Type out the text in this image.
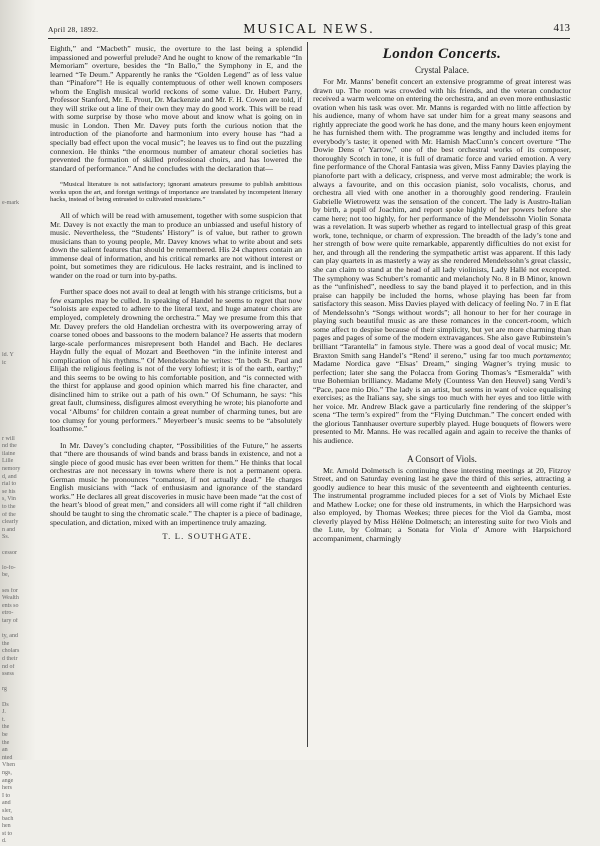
e-mark
ld. Y
ic
r will
nd the
ilaine
Lille
nemory
d, and
rial to
se his
s, Vin
to the
of the
clearly
n and
Ss.
cessor
lo-fo-
be,
ses for
Wealth
ents so
etro-
tary of
ty, and
the
cholars
d their
nd of
ssess
rg
Ds
J.
t.
the
be
the
an
nted
Vhen
ngs,
ange
hers
I to
and
sler,
bach
hen
st to
d.
April 28, 1892.	MUSICAL NEWS.	413

Eighth,” and “Macbeth” music, the overture to the last being a splendid impassioned and powerful prelude? And he ought to know of the remarkable “In Memoriam” overture, besides the “In Ballo,” the Symphony in E, and the learned “Te Deum.” Apparently he ranks the “Golden Legend” as of less value than “Pinafore”! He is equally contemptuous of other well known composers whom the English musical world reckons of some value. Dr. Hubert Parry, Professor Stanford, Mr. E. Prout, Dr. Mackenzie and Mr. F. H. Cowen are told, if they will strike out a line of their own they may do good work. This will be read with some surprise by those who move about and know what is going on in music in London. Then Mr. Davey puts forth the curious notion that the introduction of the pianoforte and harmonium into every house has “had a specially bad effect upon the vocal music”; he leaves us to find out the puzzling connexion. He thinks “the enormous number of amateur choral societies has prevented the formation of skilled professional choirs, and has lowered the standard of performance.” And he concludes with the declaration that—

“Musical literature is not satisfactory; ignorant amateurs presume to publish ambitious works upon the art, and foreign writings of importance are translated by incompetent literary hacks, instead of being entrusted to cultivated musicians.”

All of which will be read with amusement, together with some suspicion that Mr. Davey is not exactly the man to produce an unbiassed and useful history of music. Nevertheless, the “Students’ History” is of value, but rather to grown musicians than to young people, Mr. Davey knows what to write about and sets down the salient features that should be remembered. His 24 chapters contain an immense deal of information, and his critical remarks are not without interest or point, but sometimes they are ridiculous. He lacks restraint, and is inclined to wander on the road or turn into by-paths.

Further space does not avail to deal at length with his strange criticisms, but a few examples may be culled. In speaking of Handel he seems to regret that now “soloists are expected to adhere to the literal text, and huge amateur choirs are employed, completely drowning the orchestra.” May we presume from this that Mr. Davey prefers the old Handelian orchestra with its overpowering array of coarse toned oboes and bassoons to the modern balance? He asserts that modern large-scale performances misrepresent both Handel and Bach. He declares Haydn fully the equal of Mozart and Beethoven “in the infinite interest and complication of his rhythms.” Of Mendelssohn he writes: “In both St. Paul and Elijah the religious feeling is not of the very loftiest; it is of the earth, earthy;” and this seems to be owing to his comfortable position, and “is connected with the thirst for applause and good opinion which marred his fine character, and disinclined him to strike out a path of his own.” Of Schumann, he says: “his great fault, clumsiness, disfigures almost everything he wrote; his pianoforte and vocal ‘Albums’ for children contain a great number of charming tunes, but are too clumsy for young performers.” Meyerbeer’s music seems to be “absolutely loathsome.”

In Mr. Davey’s concluding chapter, “Possibilities of the Future,” he asserts that “there are thousands of wind bands and brass bands in existence, and not a single piece of good music has ever been written for them.” He thinks that local orchestras are not necessary in towns where there is not a permanent opera. German music he pronounces “comatose, if not actually dead.” He charges English musicians with “lack of enthusiasm and ignorance of the standard works.” He declares all great discoveries in music have been made “at the cost of the heart’s blood of great men,” and considers all will come right if “all children should be taught to sing the chromatic scale.” The chapter is a piece of badinage, speculation, and dictation, mixed with an impertinence truly amazing.

T. L. SOUTHGATE.
London Concerts.
Crystal Palace.

For Mr. Manns’ benefit concert an extensive programme of great interest was drawn up. The room was crowded with his friends, and the veteran conductor received a warm welcome on entering the orchestra, and an even more enthusiastic ovation when his task was over. Mr. Manns is regarded with no little affection by his audience, many of whom have sat under him for a great many seasons and rightly appreciate the good work he has done, and the many hours keen enjoyment he has furnished them with. The programme was lengthy and included items for everybody’s taste; it opened with Mr. Hamish MacCunn’s concert overture “The Dowie Dens o’ Yarrow,” one of the best orchestral works of its composer, thoroughly Scotch in tone, it is full of dramatic force and varied emotion. A very fine performance of the Choral Fantasia was given, Miss Fanny Davies playing the pianoforte part with a delicacy, crispness, and verve most admirable; the work is always a favourite, and on this occasion pianist, solo vocalists, chorus, and orchestra all vied with one another in a thoroughly good rendering. Fraulein Gabrielle Wietrowetz was the sensation of the concert. The lady is Austro-Italian by birth, a pupil of Joachim, and report spoke highly of her powers before she came here; not too highly, for her performance of the Mendelssohn Violin Sonata was a revelation. It was superb whether as regard to intellectual grasp of this great work, tone, technique, or charm of expression. The breadth of the lady’s tone and her strength of bow were quite remarkable, apparently difficulties do not exist for her, and through all the rendering the sympathetic artist was apparent. If this lady can play quartets in as masterly a way as she rendered Mendelssohn’s great classic, she can claim to stand at the head of all lady violinists, Lady Hallé not excepted. The symphony was Schubert’s romantic and melancholy No. 8 in B Minor, known as the “unfinished”, needless to say the band played it to perfection, and in this praise can happily be included the horns, whose playing has been far from satisfactory this season. Miss Davies played with delicacy of feeling No. 7 in E flat of Mendelssohn’s “Songs without words”; all honour to her for her courage in playing such beautiful music as are these romances in the concert-room, which some affect to despise because of their simplicity, but yet are more charming than pages and pages of some of the modern extravagances. She also gave Rubinstein’s brilliant “Tarantella” in famous style. There was a good deal of vocal music; Mr. Braxton Smith sang Handel’s “Rend’ il sereno,” using far too much portamento; Madame Nordica gave “Elsas’ Dream,” singing Wagner’s trying music to perfection; later she sang the Polacca from Goring Thomas’s “Esmeralda” with true Bohemian brilliancy. Madame Mely (Countess Van den Heuvel) sang Verdi’s “Pace, pace mio Dio.” The lady is an artist, but seems in want of voice equalising exercises; as the Italians say, she sings too much with her eyes and too little with her voice. Mr. Andrew Black gave a particularly fine rendering of the skipper’s scena “The term’s expired” from the “Flying Dutchman.” The concert ended with the glorious Tannhauser overture superbly played. Huge bouquets of flowers were presented to Mr. Manns. He was recalled again and again to receive the thanks of his audience.

A Consort of Viols.

Mr. Arnold Dolmetsch is continuing these interesting meetings at 20, Fitzroy Street, and on Saturday evening last he gave the third of this series, attracting a goodly audience to hear this music of the seventeenth and eighteenth centuries. The instrumental programme included pieces for a set of Viols by Michael Este and Mathew Locke; one for these old instruments, in which the Harpsichord was also employed, by Thomas Weekes; three pieces for the Viol da Gamba, most cleverly played by Miss Hélène Dolmetsch; an interesting suite for two Viols and the Lute, by Colman; a Sonata for Viola d’ Amore with Harpsichord accompaniment, charmingly
